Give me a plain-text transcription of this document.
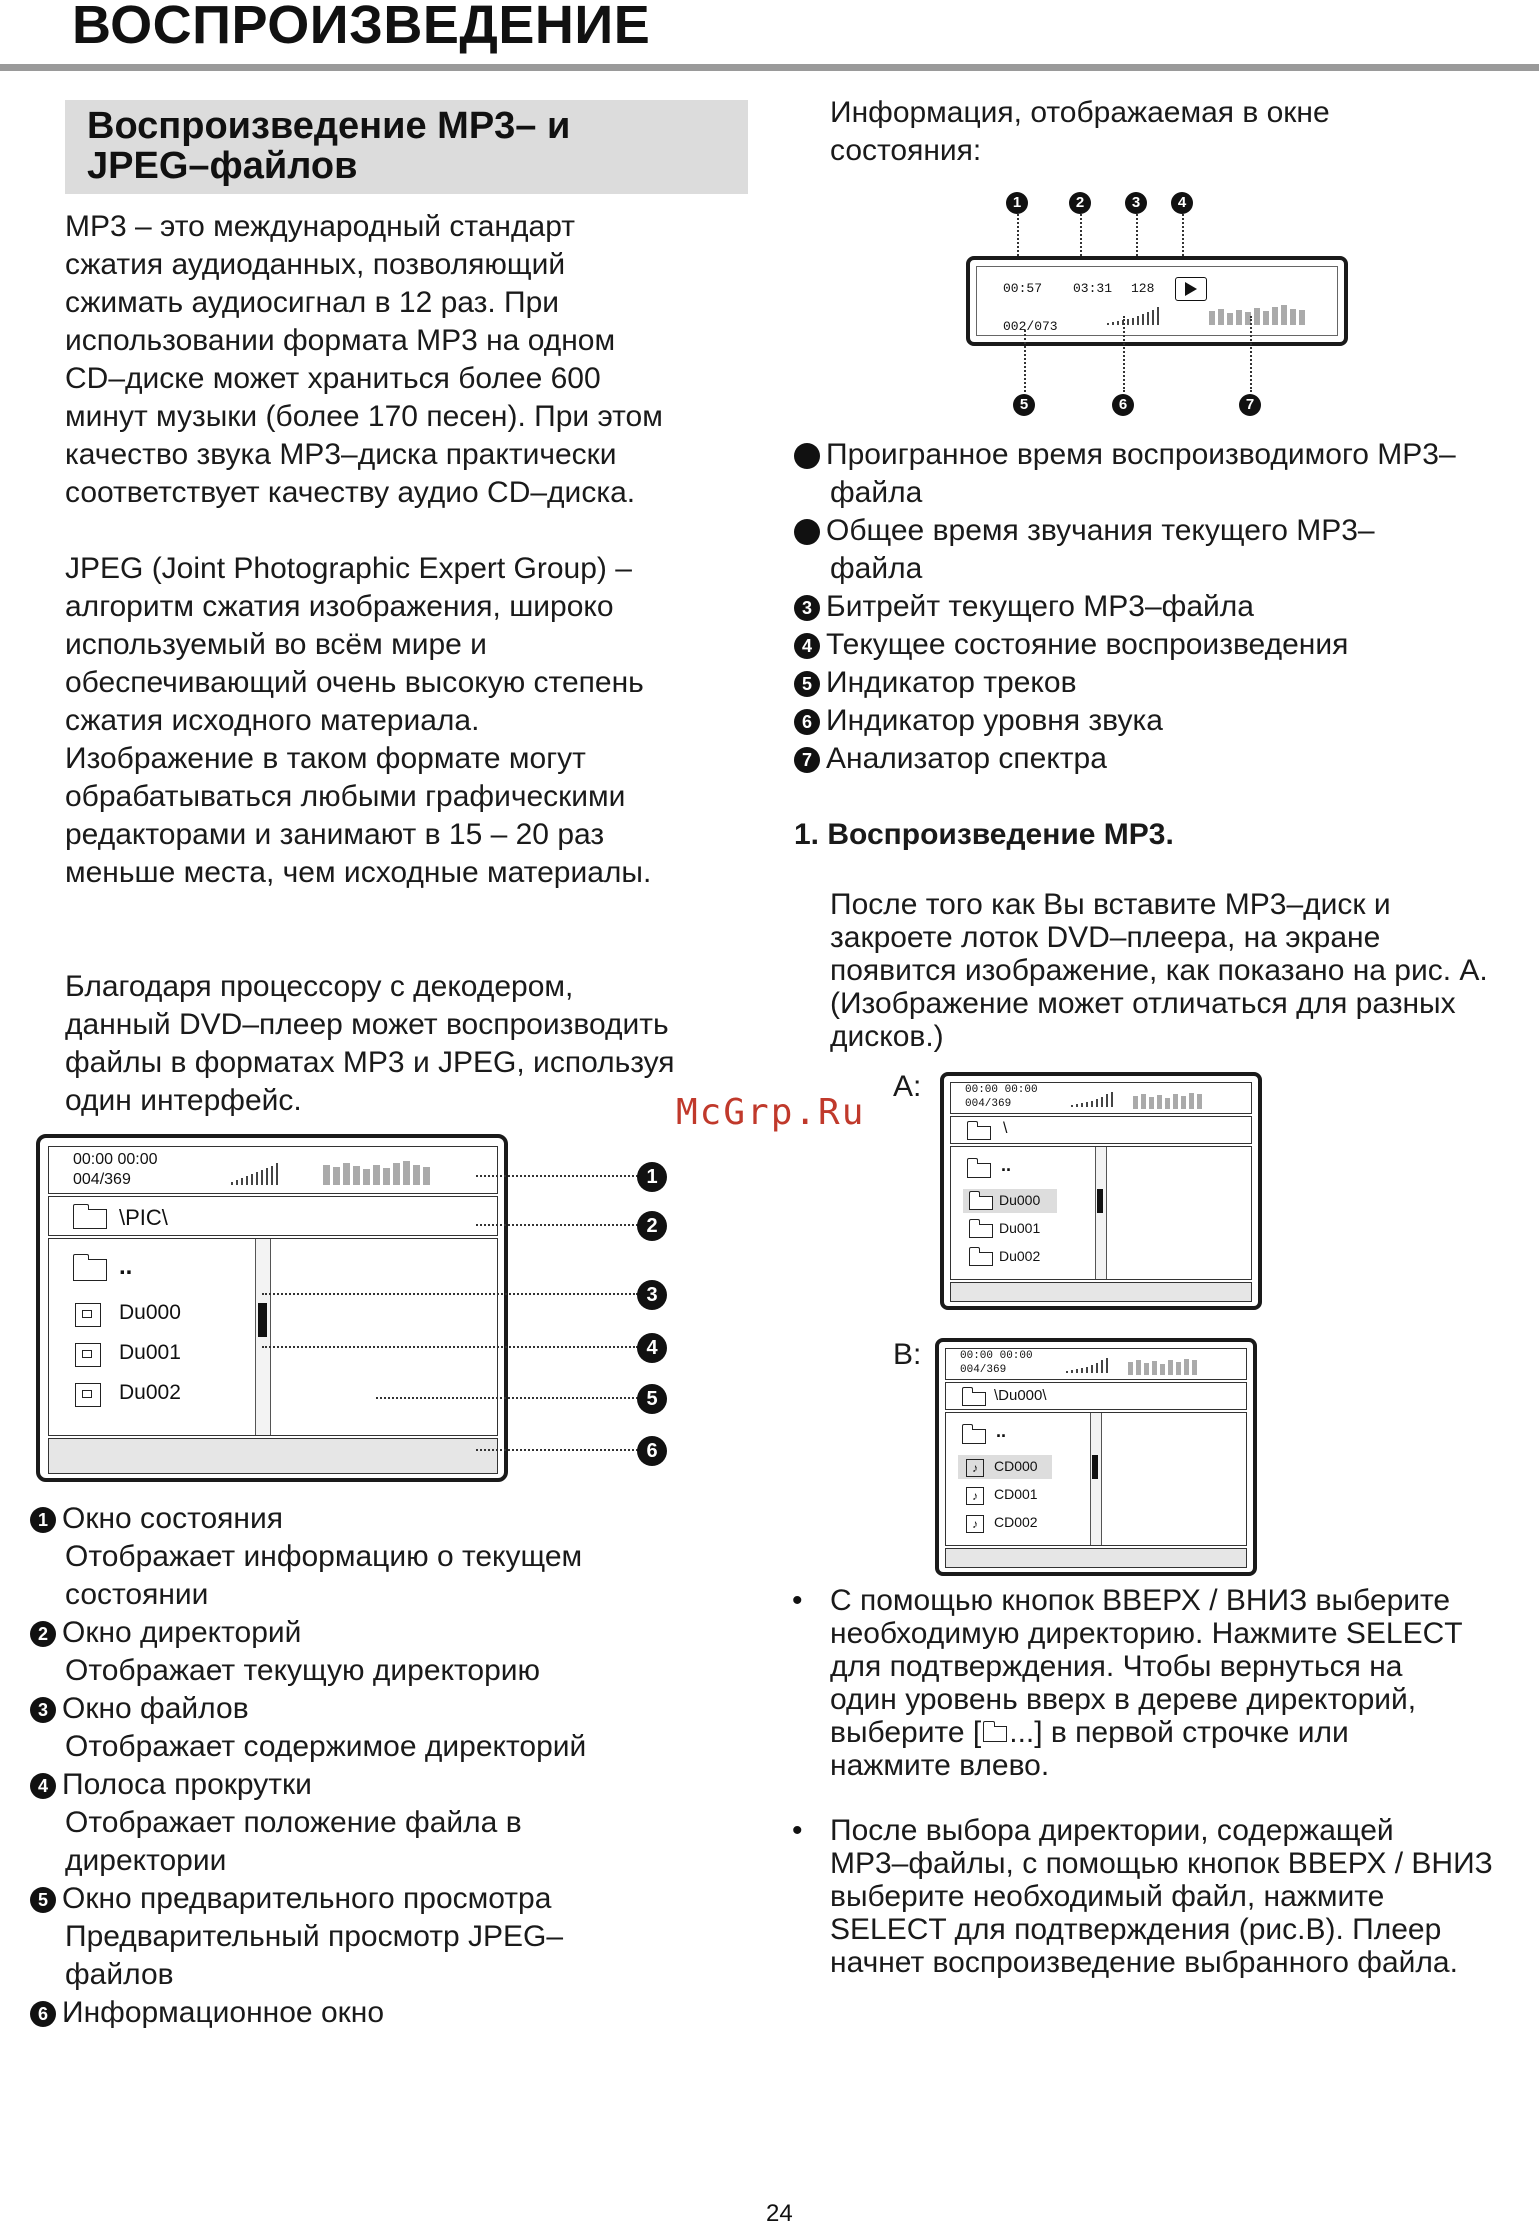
ВОСПРОИЗВЕДЕНИЕ
Воспроизведение MP3– и
JPEG–файлов
MP3 – это международный стандарт
сжатия аудиоданных, позволяющий
сжимать аудиосигнал в 12 раз. При
использовании формата MP3 на одном
CD–диске может храниться более 600
минут музыки (более 170 песен). При этом
качество звука MP3–диска практически
соответствует качеству аудио CD–диска.
JPEG (Joint Photographic Expert Group) –
алгоритм сжатия изображения, широко
используемый во всём мире и
обеспечивающий очень высокую степень
сжатия исходного материала.
Изображение в таком формате могут
обрабатываться любыми графическими
редакторами и занимают в 15 – 20 раз
меньше места, чем исходные материалы.
Благодаря процессору с декодером,
данный DVD–плеер может воспроизводить
файлы в форматах MP3 и JPEG, используя
один интерфейс.
00:00 00:00
004/369
\PIC\
..
Du000
Du001
Du002
1
2
3
4
5
6
1 Окно состояния
Отображает информацию о текущем
состоянии
2 Окно директорий
Отображает текущую директорию
3 Окно файлов
Отображает содержимое директорий
4 Полоса прокрутки
Отображает положение файла в
директории
5 Окно предварительного просмотра
Предварительный просмотр JPEG–
файлов
6 Информационное окно
Информация, отображаемая в окне
состояния:
1	2	3	4
00:57 03:31 128
002/073
5	6	7
1 Проигранное время воспроизводимого MP3–
файла
2 Общее время звучания текущего MP3–
файла
3 Битрейт текущего MP3–файла
4 Текущее состояние воспроизведения
5 Индикатор треков
6 Индикатор уровня звука
7 Анализатор спектра
1. Воспроизведение MP3.
После того как Вы вставите MP3–диск и
закроете лоток DVD–плеера, на экране
появится изображение, как показано на рис. A.
(Изображение может отличаться для разных
дисков.)
A:	00:00 00:00
004/369
\
..
Du000
Du001
Du002
B:	00:00 00:00
004/369
\Du000\
..
♪	CD000
♪	CD001
♪	CD002
• С помощью кнопок ВВЕРХ / ВНИЗ выберите
необходимую директорию. Нажмите SELECT
для подтверждения. Чтобы вернуться на
один уровень вверх в дереве директорий,
выберите [ ...] в первой строчке или
нажмите влево.
• После выбора директории, содержащей
MP3–файлы, с помощью кнопок ВВЕРХ / ВНИЗ
выберите необходимый файл, нажмите
SELECT для подтверждения (рис.B). Плеер
начнет воспроизведение выбранного файла.
McGrp.Ru
24
